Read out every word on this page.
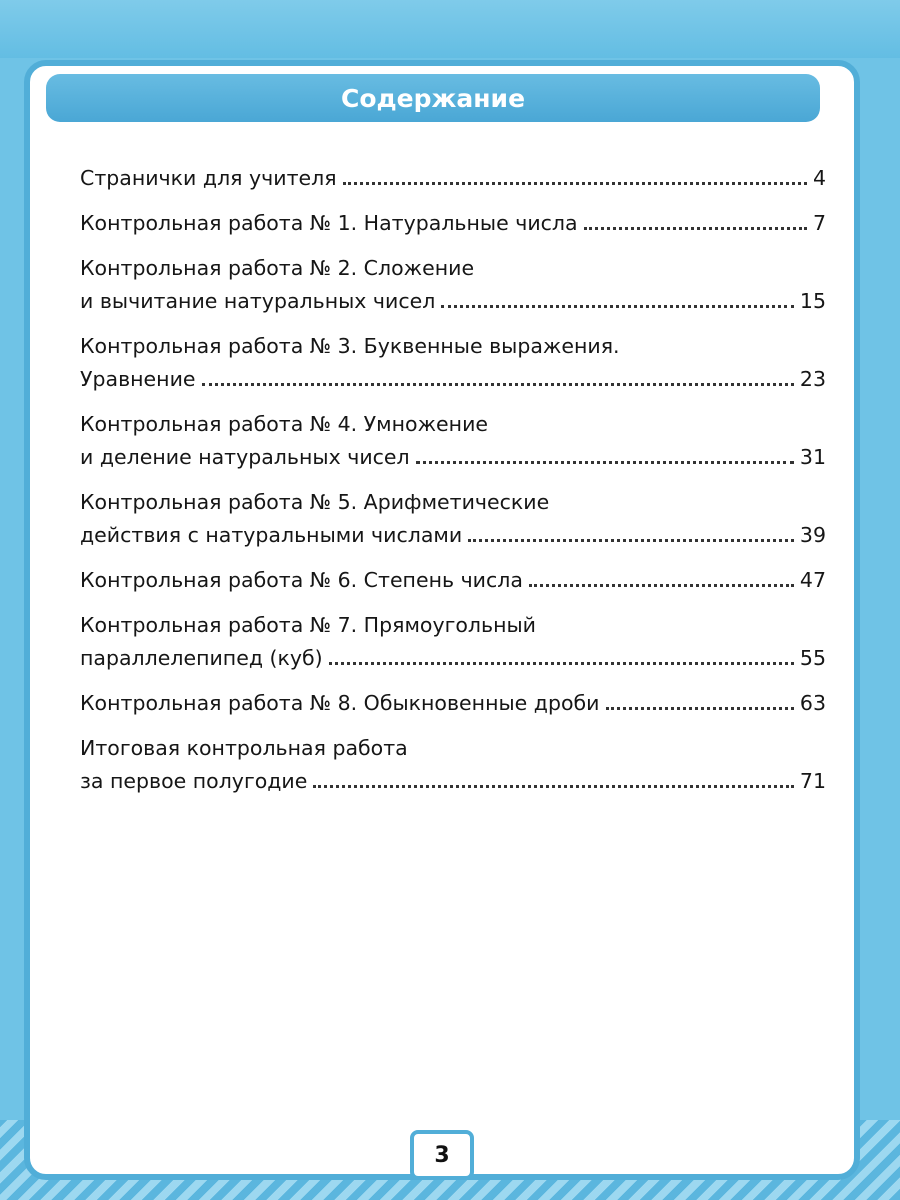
Содержание
Странички для учителя	4
Контрольная работа № 1. Натуральные числа	7
Контрольная работа № 2. Сложение
и вычитание натуральных чисел	15
Контрольная работа № 3. Буквенные выражения.
Уравнение	23
Контрольная работа № 4. Умножение
и деление натуральных чисел	31
Контрольная работа № 5. Арифметические
действия с натуральными числами	39
Контрольная работа № 6. Степень числа	47
Контрольная работа № 7. Прямоугольный
параллелепипед (куб)	55
Контрольная работа № 8. Обыкновенные дроби	63
Итоговая контрольная работа
за первое полугодие	71
3
